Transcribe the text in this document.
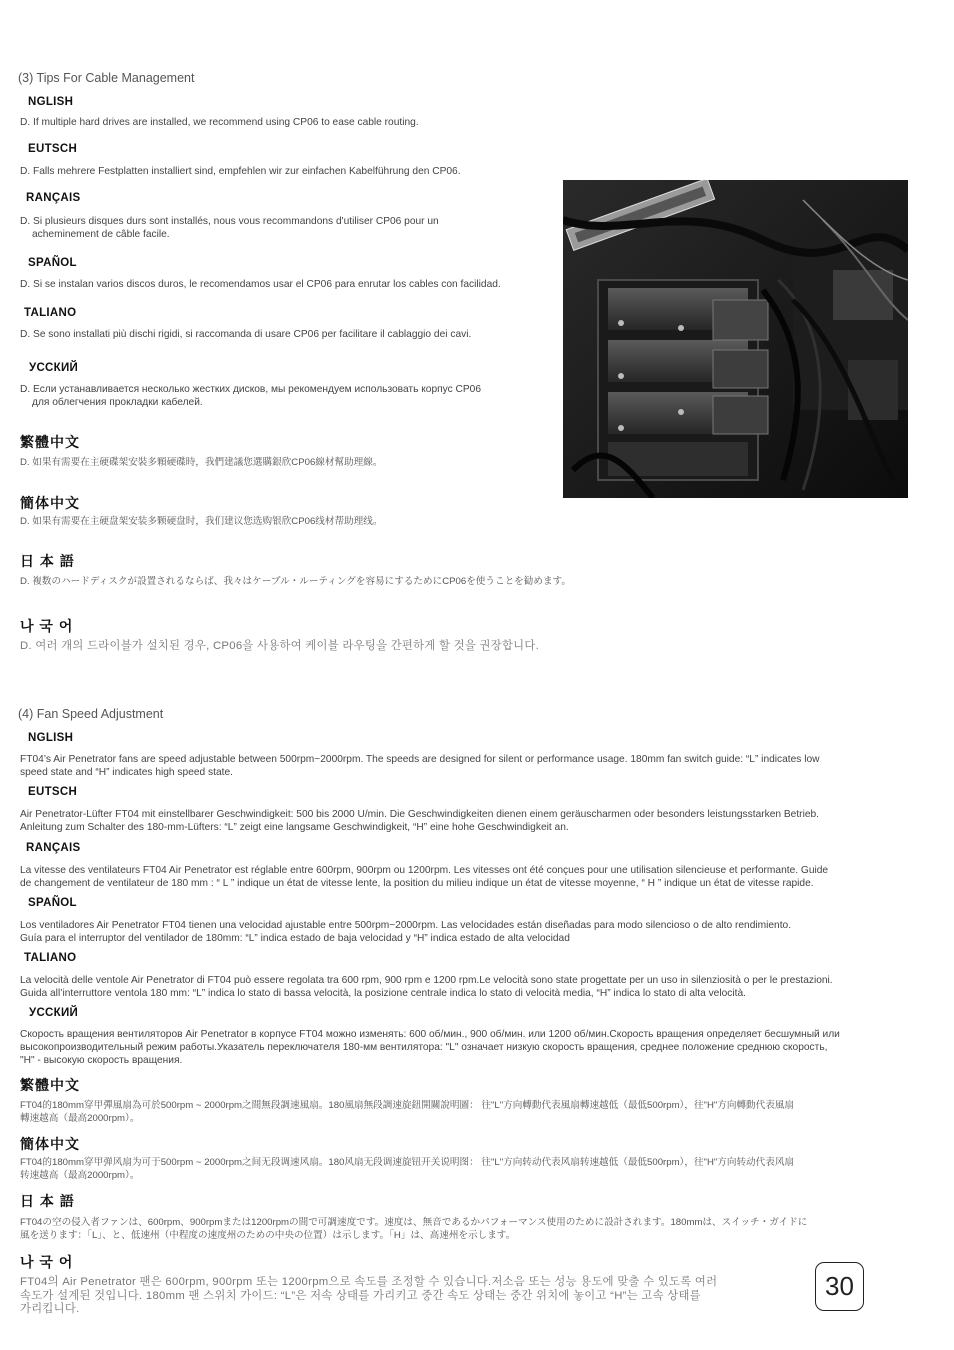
(3) Tips For Cable Management
NGLISH
D. If multiple hard drives are installed, we recommend using CP06 to ease cable routing.
EUTSCH
D. Falls mehrere Festplatten installiert sind, empfehlen wir zur einfachen Kabelführung den CP06.
RANÇAIS
D. Si plusieurs disques durs sont installés, nous vous recommandons d'utiliser CP06 pour un
acheminement de câble facile.
SPAÑOL
D. Si se instalan varios discos duros, le recomendamos usar el CP06 para enrutar los cables con facilidad.
TALIANO
D. Se sono installati più dischi rigidi, si raccomanda di usare CP06 per facilitare il cablaggio dei cavi.
УССКИЙ
D. Если устанавливается несколько жестких дисков, мы рекомендуем использовать корпус CP06
для облегчения прокладки кабелей.
繁體中文
D. 如果有需要在主硬碟架安裝多顆硬碟時，我們建議您選購銀欣CP06線材幫助理線。
簡体中文
D. 如果有需要在主硬盘架安装多颗硬盘时，我们建议您选购银欣CP06线材帮助理线。
日 本 語
D. 複数のハードディスクが設置されるならば、我々はケーブル・ルーティングを容易にするためにCP06を使うことを勧めます。
나 국 어
D. 여러 개의 드라이블가 설치된 경우, CP06을 사용하여 케이블 라우팅을 간편하게 할 것을 권장합니다.
(4) Fan Speed Adjustment
NGLISH
FT04’s Air Penetrator fans are speed adjustable between 500rpm~2000rpm. The speeds are designed for silent or performance usage. 180mm fan switch guide: “L” indicates low
speed state and “H” indicates high speed state.
EUTSCH
Air Penetrator-Lüfter FT04 mit einstellbarer Geschwindigkeit: 500 bis 2000 U/min. Die Geschwindigkeiten dienen einem geräuscharmen oder besonders leistungsstarken Betrieb.
Anleitung zum Schalter des 180-mm-Lüfters: “L” zeigt eine langsame Geschwindigkeit, “H” eine hohe Geschwindigkeit an.
RANÇAIS
La vitesse des ventilateurs FT04 Air Penetrator est réglable entre 600rpm, 900rpm ou 1200rpm. Les vitesses ont été conçues pour une utilisation silencieuse et performante. Guide
de changement de ventilateur de 180 mm : “ L ” indique un état de vitesse lente, la position du milieu indique un état de vitesse moyenne, “ H ” indique un état de vitesse rapide.
SPAÑOL
Los ventiladores Air Penetrator FT04 tienen una velocidad ajustable entre 500rpm~2000rpm. Las velocidades están diseñadas para modo silencioso o de alto rendimiento.
Guía para el interruptor del ventilador de 180mm: “L” indica estado de baja velocidad y “H” indica estado de alta velocidad
TALIANO
La velocità delle ventole Air Penetrator di FT04 può essere regolata tra 600 rpm, 900 rpm e 1200 rpm.Le velocità sono state progettate per un uso in silenziosità o per le prestazioni.
Guida all’interruttore ventola 180 mm: “L” indica lo stato di bassa velocità, la posizione centrale indica lo stato di velocità media, “H” indica lo stato di alta velocità.
УССКИЙ
Скорость вращения вентиляторов Air Penetrator в корпусе FT04 можно изменять: 600 об/мин., 900 об/мин. или 1200 об/мин.Скорость вращения определяет бесшумный или
высокопроизводительный режим работы.Указатель переключателя 180-мм вентилятора: "L" означает низкую скорость вращения, среднее положение среднюю скорость,
"H" - высокую скорость вращения.
繁體中文
FT04的180mm穿甲彈風扇為可於500rpm ~ 2000rpm之間無段調速風扇。180風扇無段調速旋鈕開關說明圖： 往"L"方向轉動代表風扇轉速越低（最低500rpm），往"H"方向轉動代表風扇
轉速越高（最高2000rpm）。
簡体中文
FT04的180mm穿甲弹风扇为可于500rpm ~ 2000rpm之间无段调速风扇。180风扇无段调速旋钮开关说明图： 往"L"方向转动代表风扇转速越低（最低500rpm），往"H"方向转动代表风扇
转速越高（最高2000rpm）。
日 本 語
FT04の空の侵入者ファンは、600rpm、900rpmまたは1200rpmの間で可調速度です。速度は、無音であるかパフォーマンス使用のために設計されます。180mmは、スイッチ・ガイドに
風を送ります：「L」、と、低速州（中程度の速度州のための中央の位置）は示します。「H」は、高速州を示します。
나 국 어
FT04의 Air Penetrator 팬은 600rpm, 900rpm 또는 1200rpm으로 속도를 조정할 수 있습니다.저소음 또는 성능 용도에 맞출 수 있도록 여러
속도가 설계된 것입니다. 180mm 팬 스위치 가이드: “L”은 저속 상태를 가리키고 중간 속도 상태는 중간 위치에 놓이고 “H”는 고속 상태를
가리킵니다.
30
